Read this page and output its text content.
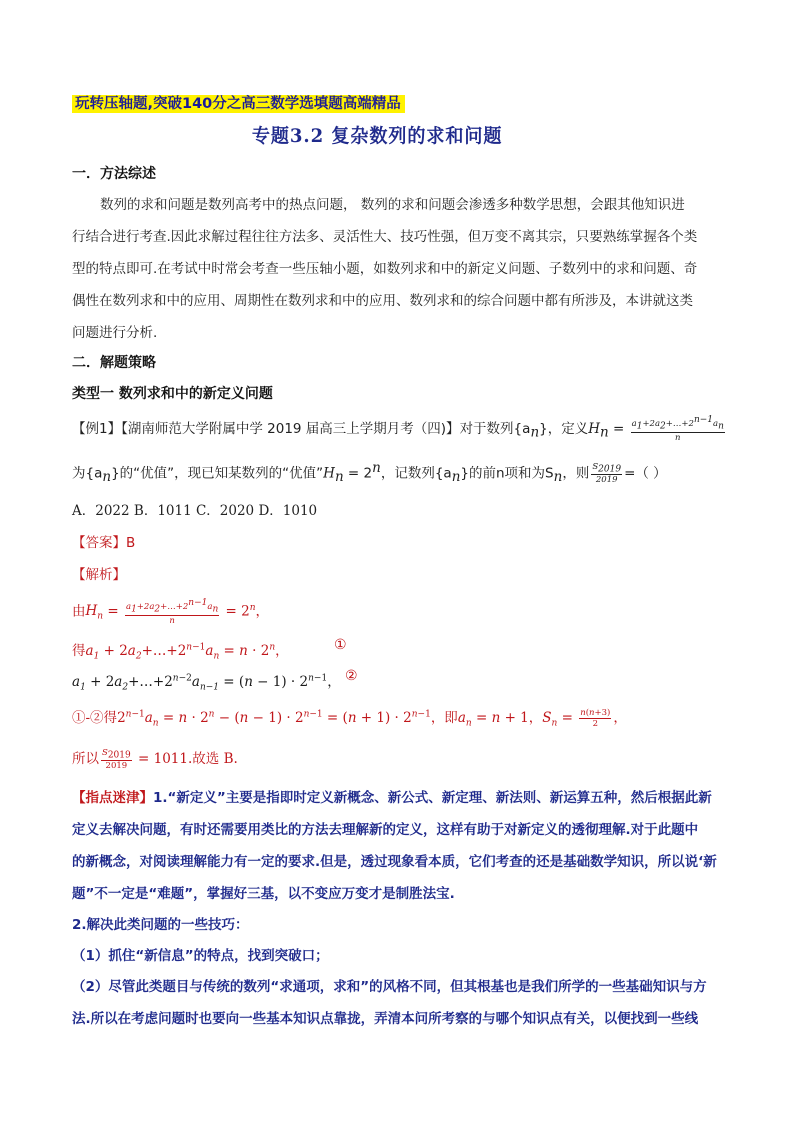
玩转压轴题,突破140分之高三数学选填题高端精品
专题3.2 复杂数列的求和问题
一．方法综述
数列的求和问题是数列高考中的热点问题， 数列的求和问题会渗透多种数学思想，会跟其他知识进
行结合进行考查.因此求解过程往往方法多、灵活性大、技巧性强，但万变不离其宗，只要熟练掌握各个类
型的特点即可.在考试中时常会考查一些压轴小题，如数列求和中的新定义问题、子数列中的求和问题、奇
偶性在数列求和中的应用、周期性在数列求和中的应用、数列求和的综合问题中都有所涉及，本讲就这类
问题进行分析.
二．解题策略
类型一 数列求和中的新定义问题
【例1】【湖南师范大学附属中学 2019 届高三上学期月考（四)】对于数列$\{a_n\}$，定义$H_n = \frac{a_1+2a_2+\dots+2^{n-1}a_n}{n}$
为$\{a_n\}$的“优值”，现已知某数列的“优值$”H_n = 2^n$，记数列$\{a_n\}$的前n项和为$S_n$，则 $\frac{S_{2019}}{2019}$ =（ ）
A．2022 B．1011 C．2020 D．1010
【答案】B
【解析】
由$H_n = \frac{a_1+2a_2+\dots+2^{n-1}a_n}{n} = 2^n$，
得$a_1$ + $2a_2+\dots+2^{n-1}a_n = n \cdot 2^n$，	①
$a_1$ + $2a_2+\dots+2^{n-2}a_{n-1} = (n - 1) \cdot 2^{n-1}$， ②
①-②得$2^{n-1}a_n = n \cdot 2^n - (n - 1) \cdot 2^{n-1} = (n + 1) \cdot 2^{n-1}$，即$a_n = n + 1$，$S_n = \frac{n(n+3)}{2}$ ，
所以 $\frac{S_{2019}}{2019} = 1011$.故选 B.
【指点迷津】1.“新定义”主要是指即时定义新概念、新公式、新定理、新法则、新运算五种，然后根据此新
定义去解决问题，有时还需要用类比的方法去理解新的定义，这样有助于对新定义的透彻理解.对于此题中
的新概念，对阅读理解能力有一定的要求.但是，透过现象看本质，它们考查的还是基础数学知识，所以说‘新
题”不一定是“难题”，掌握好三基，以不变应万变才是制胜法宝.
2.解决此类问题的一些技巧：
（1）抓住“新信息”的特点，找到突破口；
（2）尽管此类题目与传统的数列“求通项，求和”的风格不同，但其根基也是我们所学的一些基础知识与方
法.所以在考虑问题时也要向一些基本知识点靠拢，弄清本问所考察的与哪个知识点有关，以便找到一些线
